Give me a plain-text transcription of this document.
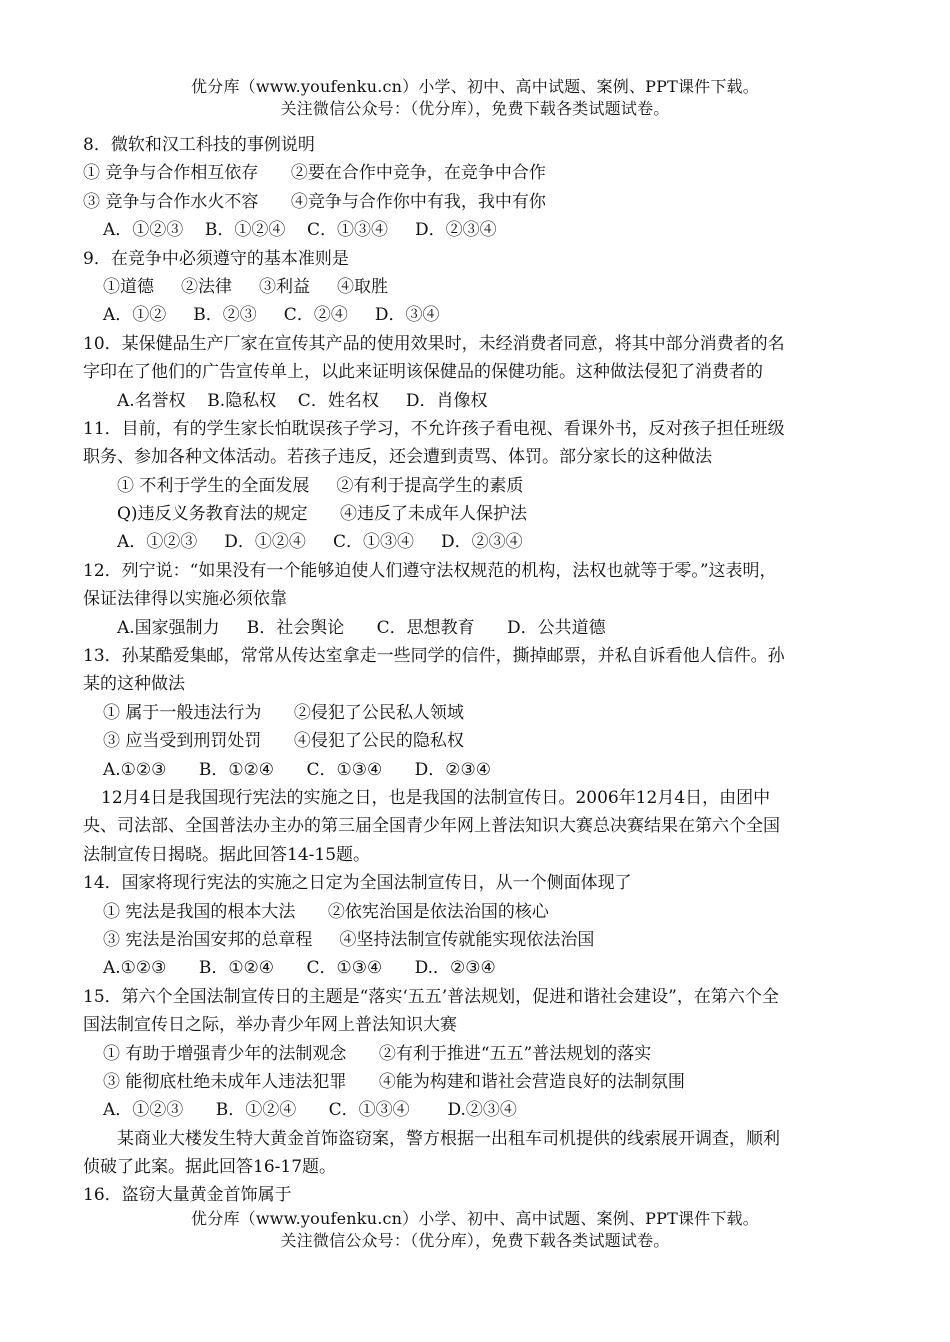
优分库（www.youfenku.cn）小学、初中、高中试题、案例、PPT课件下载。
关注微信公众号：（优分库），免费下载各类试题试卷。
8．微软和汉工科技的事例说明
① 竞争与合作相互依存      ②要在合作中竞争，在竞争中合作
③ 竞争与合作水火不容      ④竞争与合作你中有我，我中有你
A．①②③    B．①②④    C．①③④     D．②③④
9．在竞争中必须遵守的基本准则是
①道德     ②法律     ③利益     ④取胜
A．①②     B．②③     C．②④     D．③④
10．某保健品生产厂家在宣传其产品的使用效果时，未经消费者同意，将其中部分消费者的名
字印在了他们的广告宣传单上，以此来证明该保健品的保健功能。这种做法侵犯了消费者的
A.名誉权    B.隐私权    C．姓名权     D．肖像权
11．目前，有的学生家长怕耽误孩子学习，不允许孩子看电视、看课外书，反对孩子担任班级
职务、参加各种文体活动。若孩子违反，还会遭到责骂、体罚。部分家长的这种做法
① 不利于学生的全面发展     ②有利于提高学生的素质
Q)违反义务教育法的规定      ④违反了未成年人保护法
A．①②③     D．①②④     C．①③④     D．②③④
12．列宁说：“如果没有一个能够迫使人们遵守法权规范的机构，法权也就等于零。”这表明，
保证法律得以实施必须依靠
A.国家强制力     B．社会舆论      C．思想教育      D．公共道德
13．孙某酷爱集邮，常常从传达室拿走一些同学的信件，撕掉邮票，并私自诉看他人信件。孙
某的这种做法
① 属于一般违法行为      ②侵犯了公民私人领域
③ 应当受到刑罚处罚      ④侵犯了公民的隐私权
A.①②③      B．①②④      C．①③④      D．②③④
12月4日是我国现行宪法的实施之日，也是我国的法制宣传日。2006年12月4日，由团中
央、司法部、全国普法办主办的第三届全国青少年网上普法知识大赛总决赛结果在第六个全国
法制宣传日揭晓。据此回答14-15题。
14．国家将现行宪法的实施之日定为全国法制宣传日，从一个侧面体现了
① 宪法是我国的根本大法      ②依宪治国是依法治国的核心
③ 宪法是治国安邦的总章程     ④坚持法制宣传就能实现依法治国
A.①②③      B．①②④      C．①③④      D.．②③④
15．第六个全国法制宣传日的主题是“落实‘五五’普法规划，促进和谐社会建设”，在第六个全
国法制宣传日之际，举办青少年网上普法知识大赛
① 有助于增强青少年的法制观念      ②有利于推进“五五”普法规划的落实
③ 能彻底杜绝未成年人违法犯罪      ④能为构建和谐社会营造良好的法制氛围
A．①②③      B．①②④      C．①③④       D.②③④
某商业大楼发生特大黄金首饰盗窃案，警方根据一出租车司机提供的线索展开调查，顺利
侦破了此案。据此回答16-17题。
16．盗窃大量黄金首饰属于
优分库（www.youfenku.cn）小学、初中、高中试题、案例、PPT课件下载。
关注微信公众号：（优分库），免费下载各类试题试卷。
